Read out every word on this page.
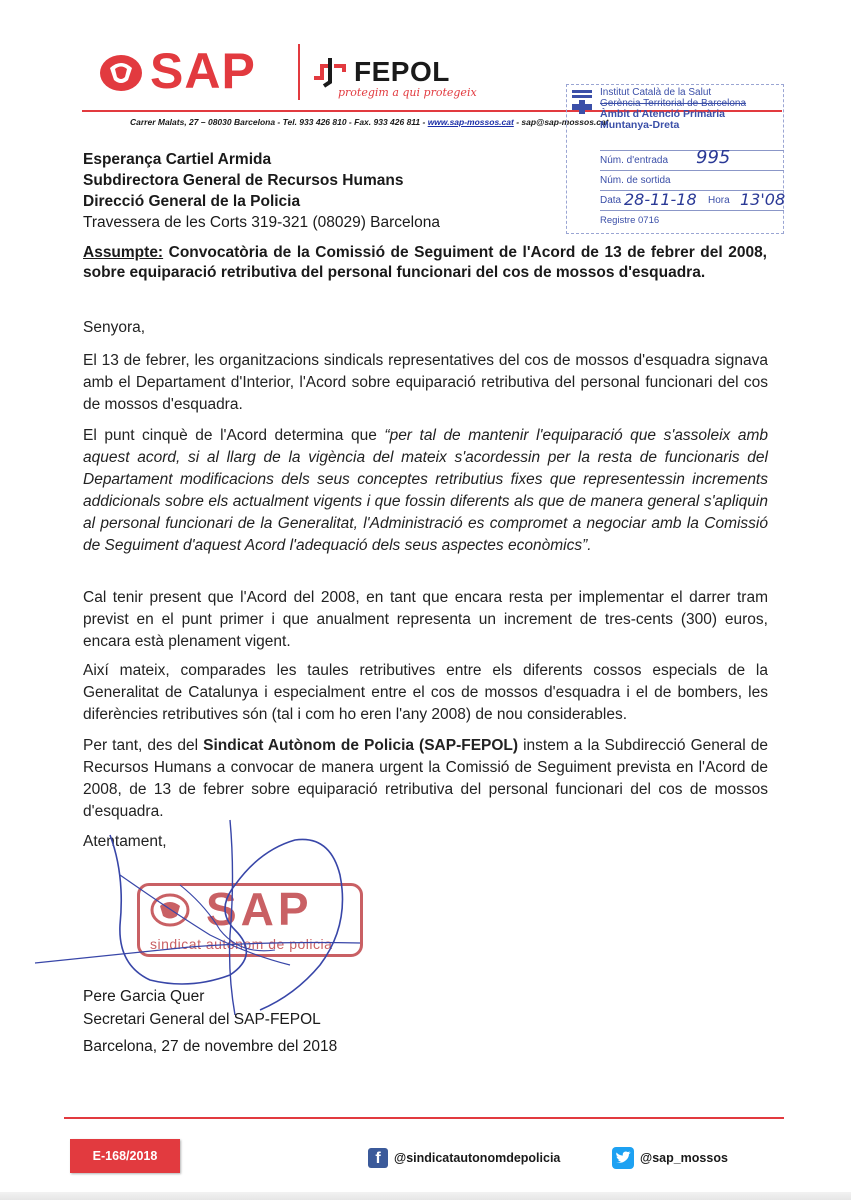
SAP	FEPOL
protegim a qui protegeix
Carrer Malats, 27 – 08030 Barcelona - Tel. 933 426 810 - Fax. 933 426 811 - www.sap-mossos.cat - sap@sap-mossos.cat
Institut Català de la Salut
Gerència Territorial de Barcelona
Àmbit d'Atenció Primària
Muntanya-Dreta
Núm. d'entrada 995
Núm. de sortida
Data 28-11-18 Hora 13'08
Registre 0716
Esperança Cartiel Armida
Subdirectora General de Recursos Humans
Direcció General de la Policia
Travessera de les Corts 319-321 (08029) Barcelona
Assumpte: Convocatòria de la Comissió de Seguiment de l'Acord de 13 de febrer del 2008, sobre equiparació retributiva del personal funcionari del cos de mossos d'esquadra.
Senyora,
El 13 de febrer, les organitzacions sindicals representatives del cos de mossos d'esquadra signava amb el Departament d'Interior, l'Acord sobre equiparació retributiva del personal funcionari del cos de mossos d'esquadra.
El punt cinquè de l'Acord determina que “per tal de mantenir l'equiparació que s'assoleix amb aquest acord, si al llarg de la vigència del mateix s'acordessin per la resta de funcionaris del Departament modificacions dels seus conceptes retributius fixes que representessin increments addicionals sobre els actualment vigents i que fossin diferents als que de manera general s'apliquin al personal funcionari de la Generalitat, l'Administració es compromet a negociar amb la Comissió de Seguiment d'aquest Acord l'adequació dels seus aspectes econòmics”.
Cal tenir present que l'Acord del 2008, en tant que encara resta per implementar el darrer tram previst en el punt primer i que anualment representa un increment de tres-cents (300) euros, encara està plenament vigent.
Així mateix, comparades les taules retributives entre els diferents cossos especials de la Generalitat de Catalunya i especialment entre el cos de mossos d'esquadra i el de bombers, les diferències retributives són (tal i com ho eren l'any 2008) de nou considerables.
Per tant, des del Sindicat Autònom de Policia (SAP-FEPOL) instem a la Subdirecció General de Recursos Humans a convocar de manera urgent la Comissió de Seguiment prevista en l'Acord de 2008, de 13 de febrer sobre equiparació retributiva del personal funcionari del cos de mossos d'esquadra.
Atentament,
SAP
sindicat autònom de policia
Pere Garcia Quer
Secretari General del SAP-FEPOL
Barcelona, 27 de novembre del 2018
E-168/2018	f	@sindicatautonomdepolicia	@sap_mossos
